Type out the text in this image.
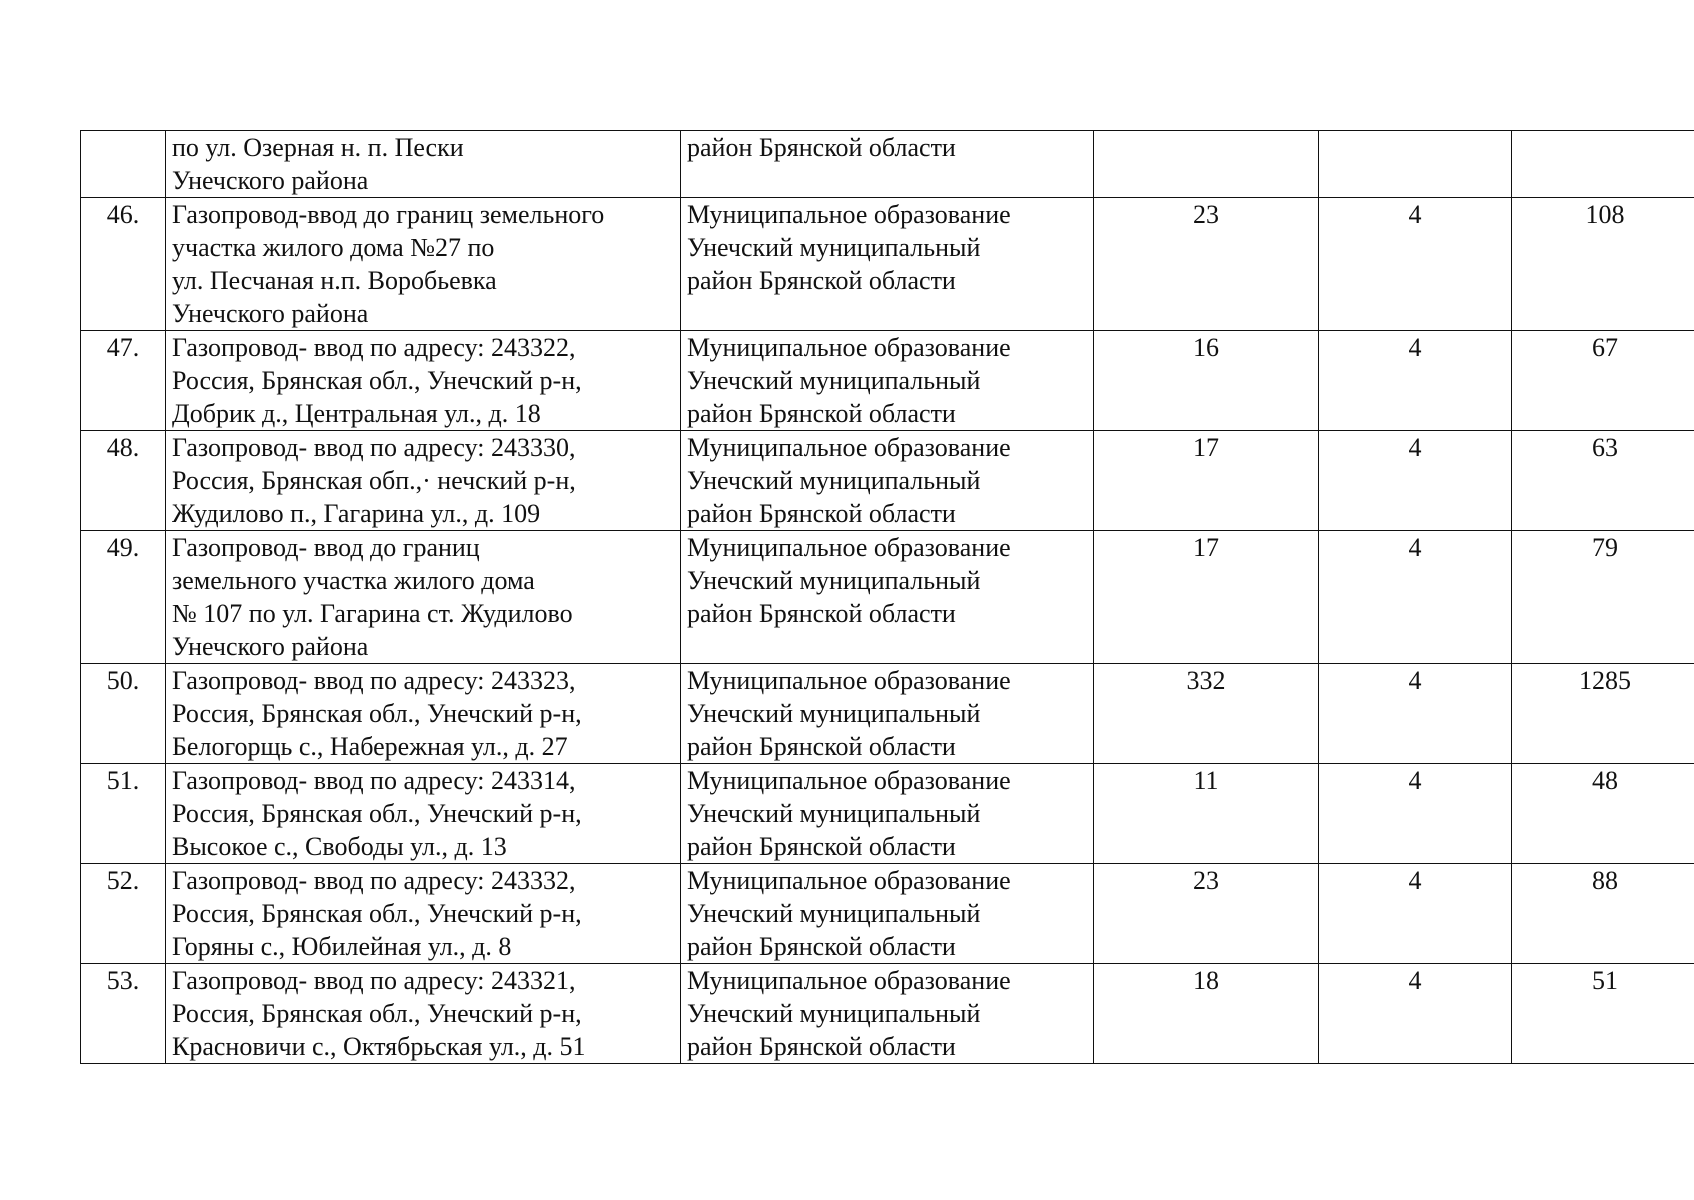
	по ул. Озерная н. п. Пески
Унечского района	район Брянской области			

46.	Газопровод-ввод до границ земельного
участка жилого дома №27 по
ул. Песчаная н.п. Воробьевка
Унечского района	Муниципальное образование
Унечский муниципальный
район Брянской области	23	4	108
47.	Газопровод- ввод по адресу: 243322,
Россия, Брянская обл., Унечский р-н,
Добрик д., Центральная ул., д. 18	Муниципальное образование
Унечский муниципальный
район Брянской области	16	4	67
48.	Газопровод- ввод по адресу: 243330,
Россия, Брянская обп.,· нечский р-н,
Жудилово п., Гагарина ул., д. 109	Муниципальное образование
Унечский муниципальный
район Брянской области	17	4	63
49.	Газопровод- ввод до границ
земельного участка жилого дома
№ 107 по ул. Гагарина ст. Жудилово
Унечского района	Муниципальное образование
Унечский муниципальный
район Брянской области	17	4	79
50.	Газопровод- ввод по адресу: 243323,
Россия, Брянская обл., Унечский р-н,
Белогорщь с., Набережная ул., д. 27	Муниципальное образование
Унечский муниципальный
район Брянской области	332	4	1285
51.	Газопровод- ввод по адресу: 243314,
Россия, Брянская обл., Унечский р-н,
Высокое с., Свободы ул., д. 13	Муниципальное образование
Унечский муниципальный
район Брянской области	11	4	48
52.	Газопровод- ввод по адресу: 243332,
Россия, Брянская обл., Унечский р-н,
Горяны с., Юбилейная ул., д. 8	Муниципальное образование
Унечский муниципальный
район Брянской области	23	4	88
53.	Газопровод- ввод по адресу: 243321,
Россия, Брянская обл., Унечский р-н,
Красновичи с., Октябрьская ул., д. 51	Муниципальное образование
Унечский муниципальный
район Брянской области	18	4	51
